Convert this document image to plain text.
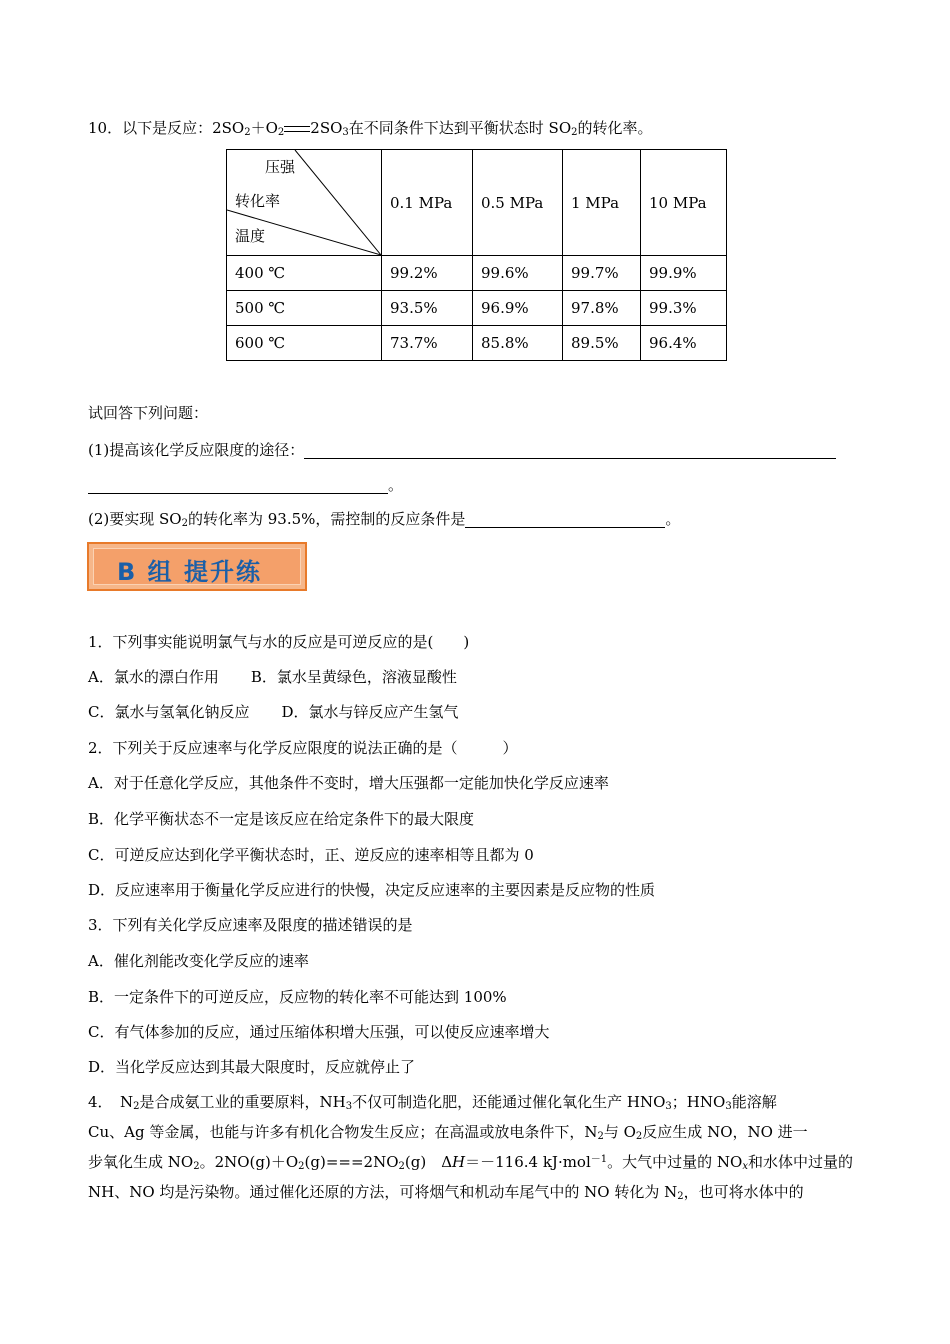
10．以下是反应：$2SO_2+O_2$ $2SO_3$在不同条件下达到平衡状态时 $SO_2$的转化率。
压强
转化率
温度	0.1 MPa	0.5 MPa	1 MPa	10 MPa
400 ℃	99.2%	99.6%	99.7%	99.9%
500 ℃	93.5%	96.9%	97.8%	99.3%
600 ℃	73.7%	85.8%	89.5%	96.4%
试回答下列问题：
(1)提高该化学反应限度的途径：
。
(2)要实现 $SO_2$的转化率为 93.5%，需控制的反应条件是	。
B 组 提升练
1．下列事实能说明氯气与水的反应是可逆反应的是(　　)
A．氯水的漂白作用 B．氯水呈黄绿色，溶液显酸性
C．氯水与氢氧化钠反应 D．氯水与锌反应产生氢气
2．下列关于反应速率与化学反应限度的说法正确的是（　　　）
A．对于任意化学反应，其他条件不变时，增大压强都一定能加快化学反应速率
B．化学平衡状态不一定是该反应在给定条件下的最大限度
C．可逆反应达到化学平衡状态时，正、逆反应的速率相等且都为 0
D．反应速率用于衡量化学反应进行的快慢，决定反应速率的主要因素是反应物的性质
3．下列有关化学反应速率及限度的描述错误的是
A．催化剂能改变化学反应的速率
B．一定条件下的可逆反应，反应物的转化率不可能达到 100%
C．有气体参加的反应，通过压缩体积增大压强，可以使反应速率增大
D．当化学反应达到其最大限度时，反应就停止了
4．　$N_2$是合成氨工业的重要原料，$NH_3$不仅可制造化肥，还能通过催化氧化生产 $HNO_3$；$HNO_3$能溶解
Cu、Ag 等金属，也能与许多有机化合物发生反应；在高温或放电条件下，$N_2$与 $O_2$反应生成 NO，NO 进一
步氧化生成 $NO_2$。$2NO(g)+O_2(g)===2NO_2(g)$　ΔH＝－116.4 kJ·mol$^{-1}$。大气中过量的 $NO_x$和水体中过量的
NH、NO 均是污染物。通过催化还原的方法，可将烟气和机动车尾气中的 NO 转化为 $N_2$，也可将水体中的
